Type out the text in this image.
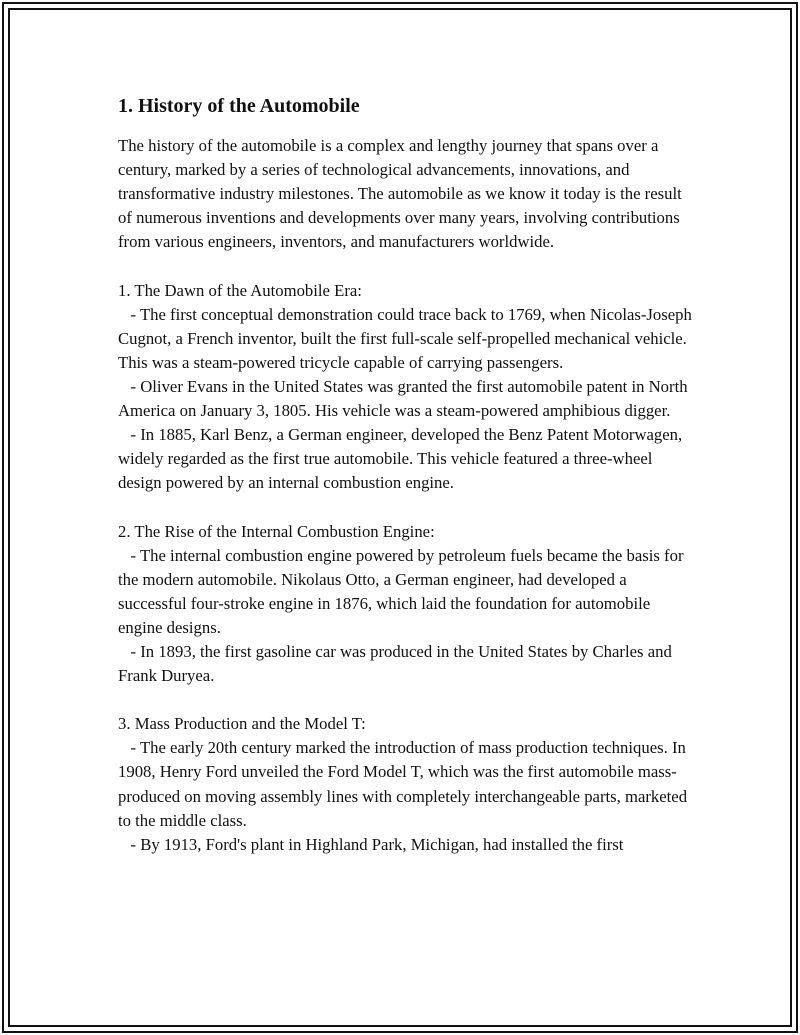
1. History of the Automobile

The history of the automobile is a complex and lengthy journey that spans over a century, marked by a series of technological advancements, innovations, and transformative industry milestones. The automobile as we know it today is the result of numerous inventions and developments over many years, involving contributions from various engineers, inventors, and manufacturers worldwide.

1. The Dawn of the Automobile Era:

- The first conceptual demonstration could trace back to 1769, when Nicolas-Joseph Cugnot, a French inventor, built the first full-scale self-propelled mechanical vehicle. This was a steam-powered tricycle capable of carrying passengers.

- Oliver Evans in the United States was granted the first automobile patent in North America on January 3, 1805. His vehicle was a steam-powered amphibious digger.

- In 1885, Karl Benz, a German engineer, developed the Benz Patent Motorwagen, widely regarded as the first true automobile. This vehicle featured a three-wheel design powered by an internal combustion engine.

2. The Rise of the Internal Combustion Engine:

- The internal combustion engine powered by petroleum fuels became the basis for the modern automobile. Nikolaus Otto, a German engineer, had developed a successful four-stroke engine in 1876, which laid the foundation for automobile engine designs.

- In 1893, the first gasoline car was produced in the United States by Charles and Frank Duryea.

3. Mass Production and the Model T:

- The early 20th century marked the introduction of mass production techniques. In 1908, Henry Ford unveiled the Ford Model T, which was the first automobile mass-produced on moving assembly lines with completely interchangeable parts, marketed to the middle class.

- By 1913, Ford's plant in Highland Park, Michigan, had installed the first
